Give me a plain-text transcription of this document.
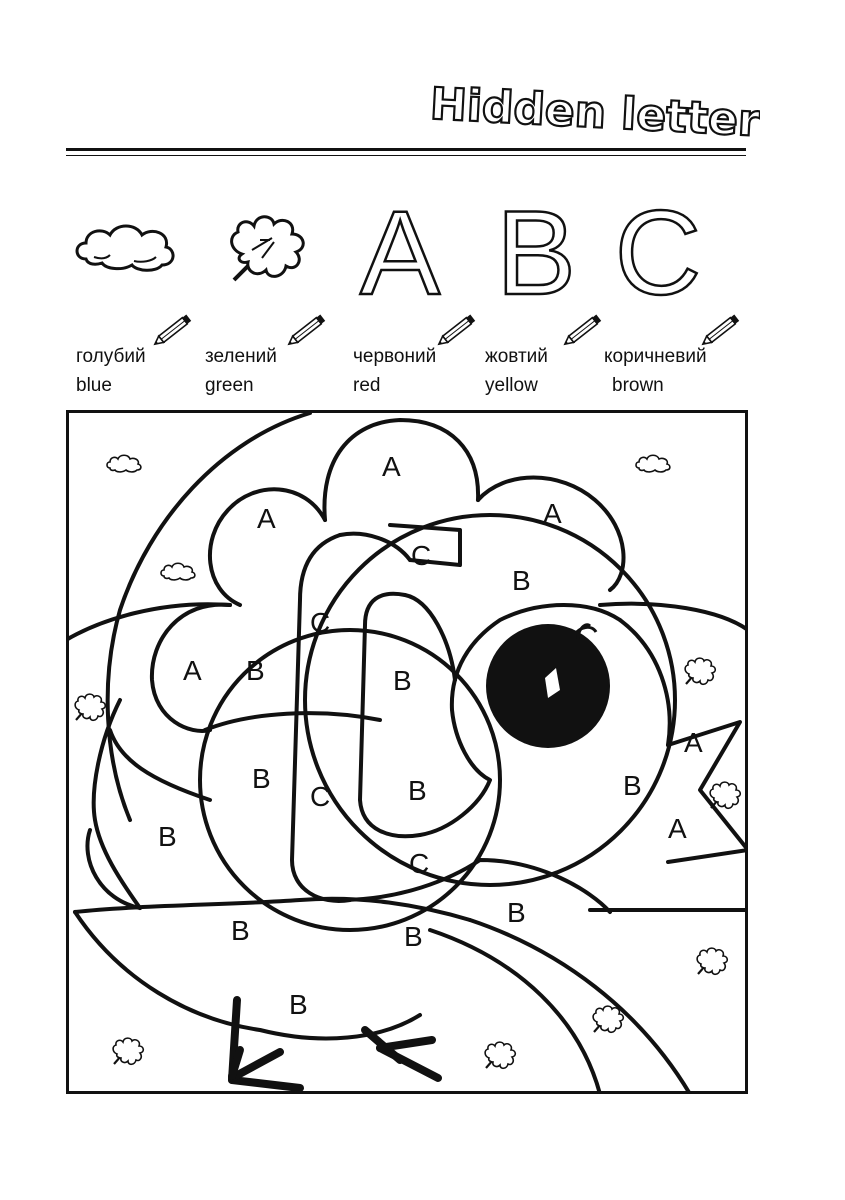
Hidden letter
A B C
голубий
blue
зелений
green
червоний
red
жовтий
yellow
коричневий
brown
A
A	A
A
A
A
B
B	B
B	B	B
B
B	B
B
B
C
C
C
C
